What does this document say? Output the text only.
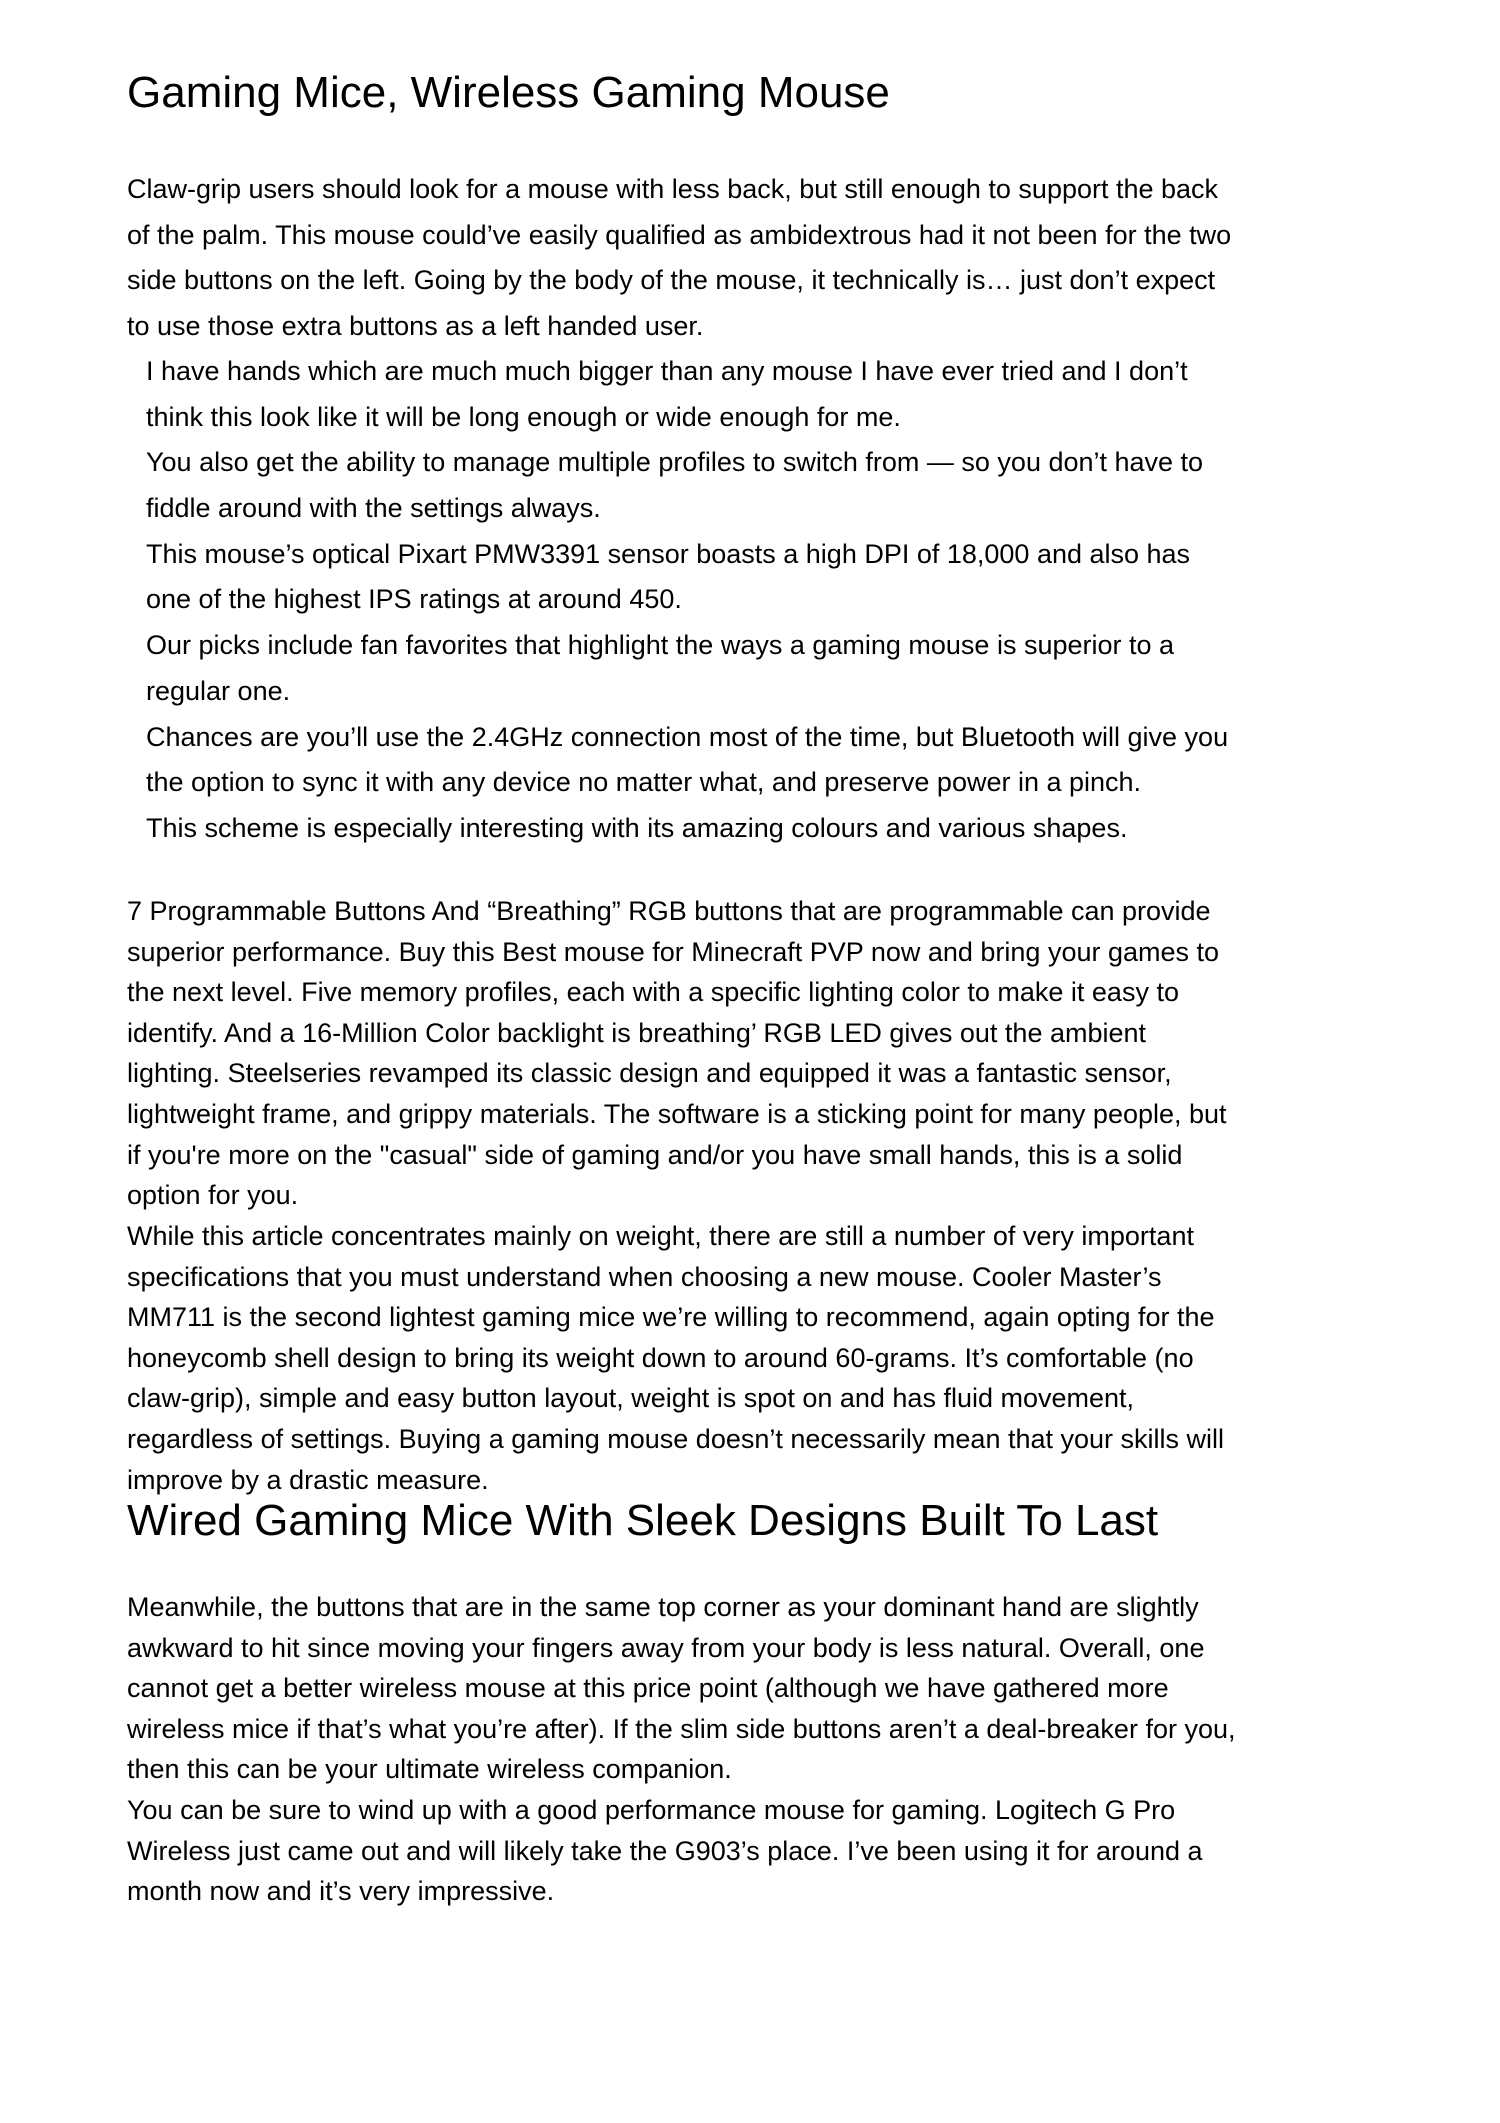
Gaming Mice, Wireless Gaming Mouse
Claw-grip users should look for a mouse with less back, but still enough to support the back
of the palm. This mouse could’ve easily qualified as ambidextrous had it not been for the two
side buttons on the left. Going by the body of the mouse, it technically is… just don’t expect
to use those extra buttons as a left handed user.
I have hands which are much much bigger than any mouse I have ever tried and I don’t
think this look like it will be long enough or wide enough for me.
You also get the ability to manage multiple profiles to switch from — so you don’t have to
fiddle around with the settings always.
This mouse’s optical Pixart PMW3391 sensor boasts a high DPI of 18,000 and also has
one of the highest IPS ratings at around 450.
Our picks include fan favorites that highlight the ways a gaming mouse is superior to a
regular one.
Chances are you’ll use the 2.4GHz connection most of the time, but Bluetooth will give you
the option to sync it with any device no matter what, and preserve power in a pinch.
This scheme is especially interesting with its amazing colours and various shapes.
7 Programmable Buttons And “Breathing” RGB buttons that are programmable can provide
superior performance. Buy this Best mouse for Minecraft PVP now and bring your games to
the next level. Five memory profiles, each with a specific lighting color to make it easy to
identify. And a 16-Million Color backlight is breathing’ RGB LED gives out the ambient
lighting. Steelseries revamped its classic design and equipped it was a fantastic sensor,
lightweight frame, and grippy materials. The software is a sticking point for many people, but
if you're more on the "casual" side of gaming and/or you have small hands, this is a solid
option for you.
While this article concentrates mainly on weight, there are still a number of very important
specifications that you must understand when choosing a new mouse. Cooler Master’s
MM711 is the second lightest gaming mice we’re willing to recommend, again opting for the
honeycomb shell design to bring its weight down to around 60-grams. It’s comfortable (no
claw-grip), simple and easy button layout, weight is spot on and has fluid movement,
regardless of settings. Buying a gaming mouse doesn’t necessarily mean that your skills will
improve by a drastic measure.
Wired Gaming Mice With Sleek Designs Built To Last
Meanwhile, the buttons that are in the same top corner as your dominant hand are slightly
awkward to hit since moving your fingers away from your body is less natural. Overall, one
cannot get a better wireless mouse at this price point (although we have gathered more
wireless mice if that’s what you’re after). If the slim side buttons aren’t a deal-breaker for you,
then this can be your ultimate wireless companion.
You can be sure to wind up with a good performance mouse for gaming. Logitech G Pro
Wireless just came out and will likely take the G903’s place. I’ve been using it for around a
month now and it’s very impressive.
